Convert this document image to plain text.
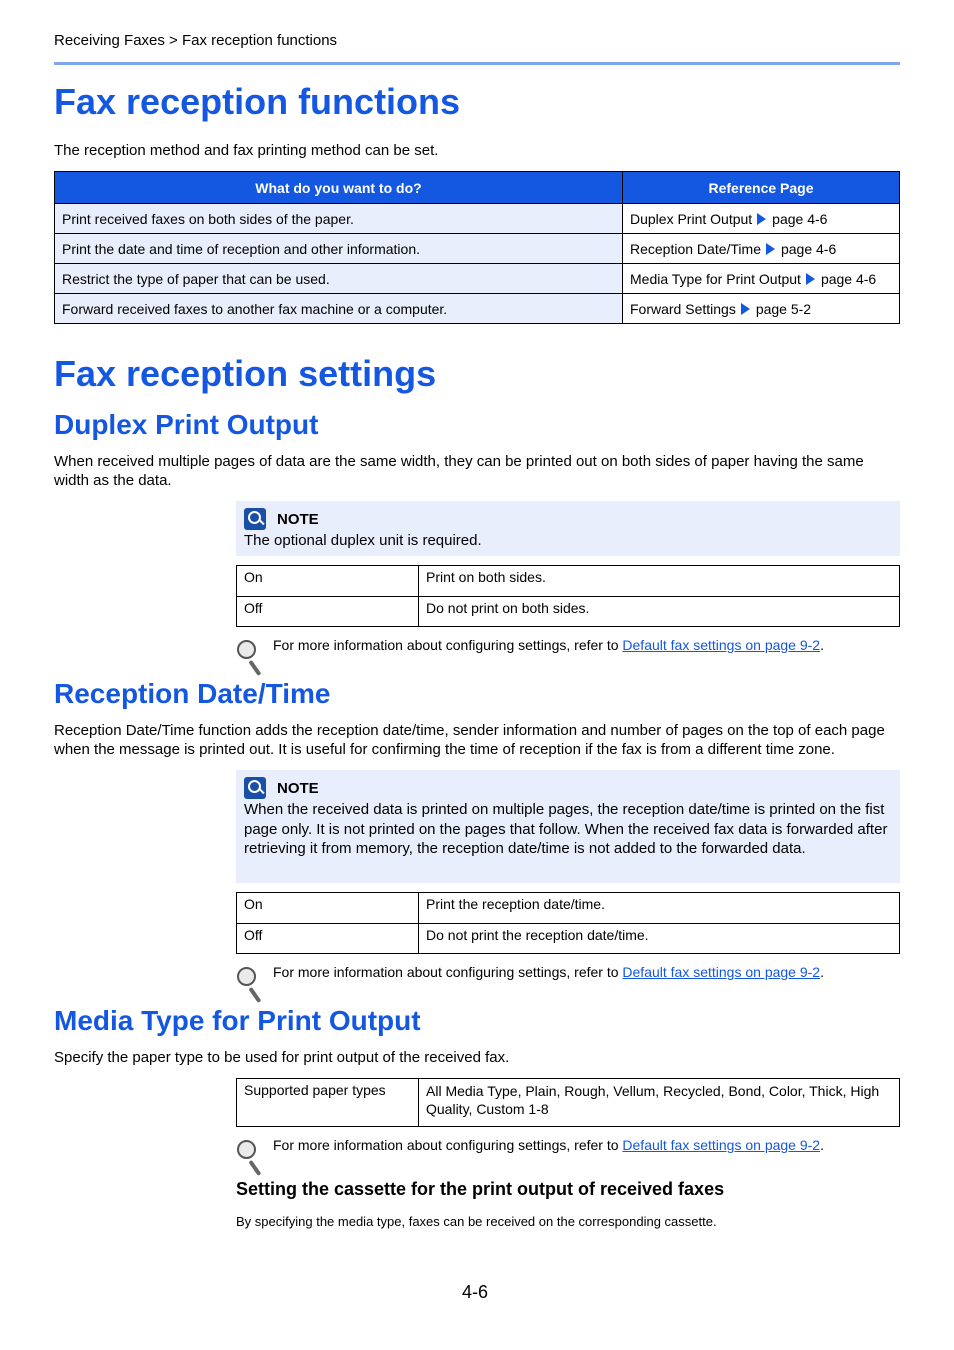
Receiving Faxes > Fax reception functions
Fax reception functions
The reception method and fax printing method can be set.
What do you want to do?	Reference Page
Print received faxes on both sides of the paper.	Duplex Print Output page 4-6
Print the date and time of reception and other information.	Reception Date/Time page 4-6
Restrict the type of paper that can be used.	Media Type for Print Output page 4-6
Forward received faxes to another fax machine or a computer.	Forward Settings page 5-2
Fax reception settings
Duplex Print Output
When received multiple pages of data are the same width, they can be printed out on both sides of paper having the same width as the data.
NOTE
The optional duplex unit is required.
On	Print on both sides.
Off	Do not print on both sides.
For more information about configuring settings, refer to Default fax settings on page 9-2.
Reception Date/Time
Reception Date/Time function adds the reception date/time, sender information and number of pages on the top of each page when the message is printed out. It is useful for confirming the time of reception if the fax is from a different time zone.
NOTE
When the received data is printed on multiple pages, the reception date/time is printed on the fist page only. It is not printed on the pages that follow. When the received fax data is forwarded after retrieving it from memory, the reception date/time is not added to the forwarded data.
On	Print the reception date/time.
Off	Do not print the reception date/time.
For more information about configuring settings, refer to Default fax settings on page 9-2.
Media Type for Print Output
Specify the paper type to be used for print output of the received fax.
Supported paper types	All Media Type, Plain, Rough, Vellum, Recycled, Bond, Color, Thick, High Quality, Custom 1-8
For more information about configuring settings, refer to Default fax settings on page 9-2.
Setting the cassette for the print output of received faxes
By specifying the media type, faxes can be received on the corresponding cassette.
4-6
